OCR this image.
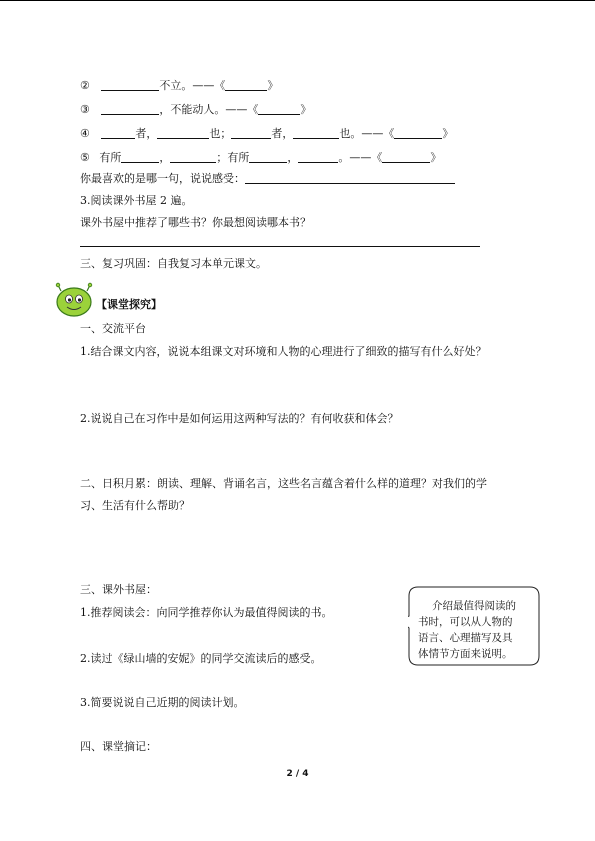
②	不立。——《	》
③	，不能动人。——《	》
④	者，	也；	者，	也。——《	》
⑤ 有所	，	；有所	，	。——《	》
你最喜欢的是哪一句，说说感受：
3.阅读课外书屋 2 遍。
课外书屋中推荐了哪些书？你最想阅读哪本书？
三、复习巩固：自我复习本单元课文。
【课堂探究】
一、交流平台
1.结合课文内容，说说本组课文对环境和人物的心理进行了细致的描写有什么好处？
2.说说自己在习作中是如何运用这两种写法的？有何收获和体会？
二、日积月累：朗读、理解、背诵名言，这些名言蕴含着什么样的道理？对我们的学
习、生活有什么帮助？
三、课外书屋：
1.推荐阅读会：向同学推荐你认为最值得阅读的书。
2.读过《绿山墙的安妮》的同学交流读后的感受。
3.简要说说自己近期的阅读计划。
四、课堂摘记：
介绍最值得阅读的
书时，可以从人物的
语言、心理描写及具
体情节方面来说明。
2 / 4
